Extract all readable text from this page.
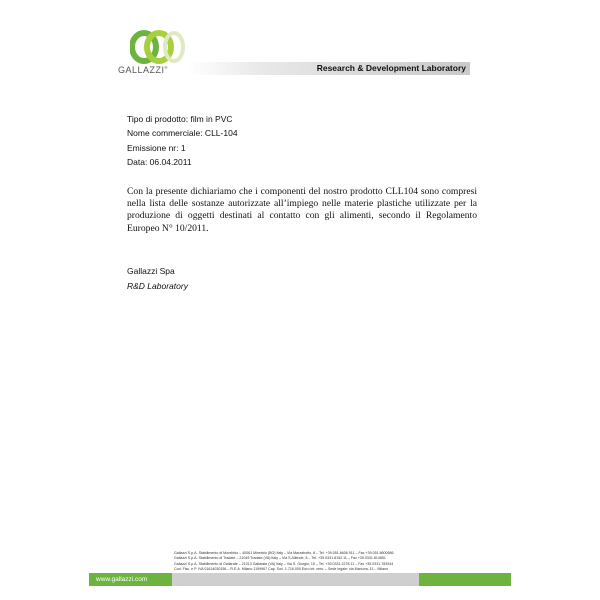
GALLAZZI®	Research & Development Laboratory
Tipo di prodotto: film in PVC
Nome commerciale: CLL-104
Emissione nr: 1
Data: 06.04.2011
Con la presente dichiariamo che i componenti del nostro prodotto CLL104 sono compresi nella lista delle sostanze autorizzate all’impiego nelle materie plastiche utilizzate per la produzione di oggetti destinati al contatto con gli alimenti, secondo il Regolamento Europeo N° 10/2011.
Gallazzi Spa
R&D Laboratory
Gallazzi S.p.A. Stabilimento di Morebbio – 40061 Minerbio (BO) Italy – Via Marzabotto, 8 – Tel. +39.051.6606.911 – Fax +39.051.6600686
Gallazzi S.p.A. Stabilimento di Tradate – 21049 Tradate (VA) Italy – Via S.Allende, 8 – Tel. +39.0331.8152.11 – Fax +39.0331.814851
Gallazzi S.p.A. Stabilimento di Gallarate – 21013 Gallarate (VA) Italy – Via S. Giorgio, 15 – Tel. +39.0331.2278.11 – Fax +39.0331.783944
Cod. Fisc. e P. IVA 01614030156 – R.E.A. Milano 1199967 Cap. Soc. 1.716.000 Euro int. vers. – Sede legale: via Marcora, 11 – Milano
www.gallazzi.com
